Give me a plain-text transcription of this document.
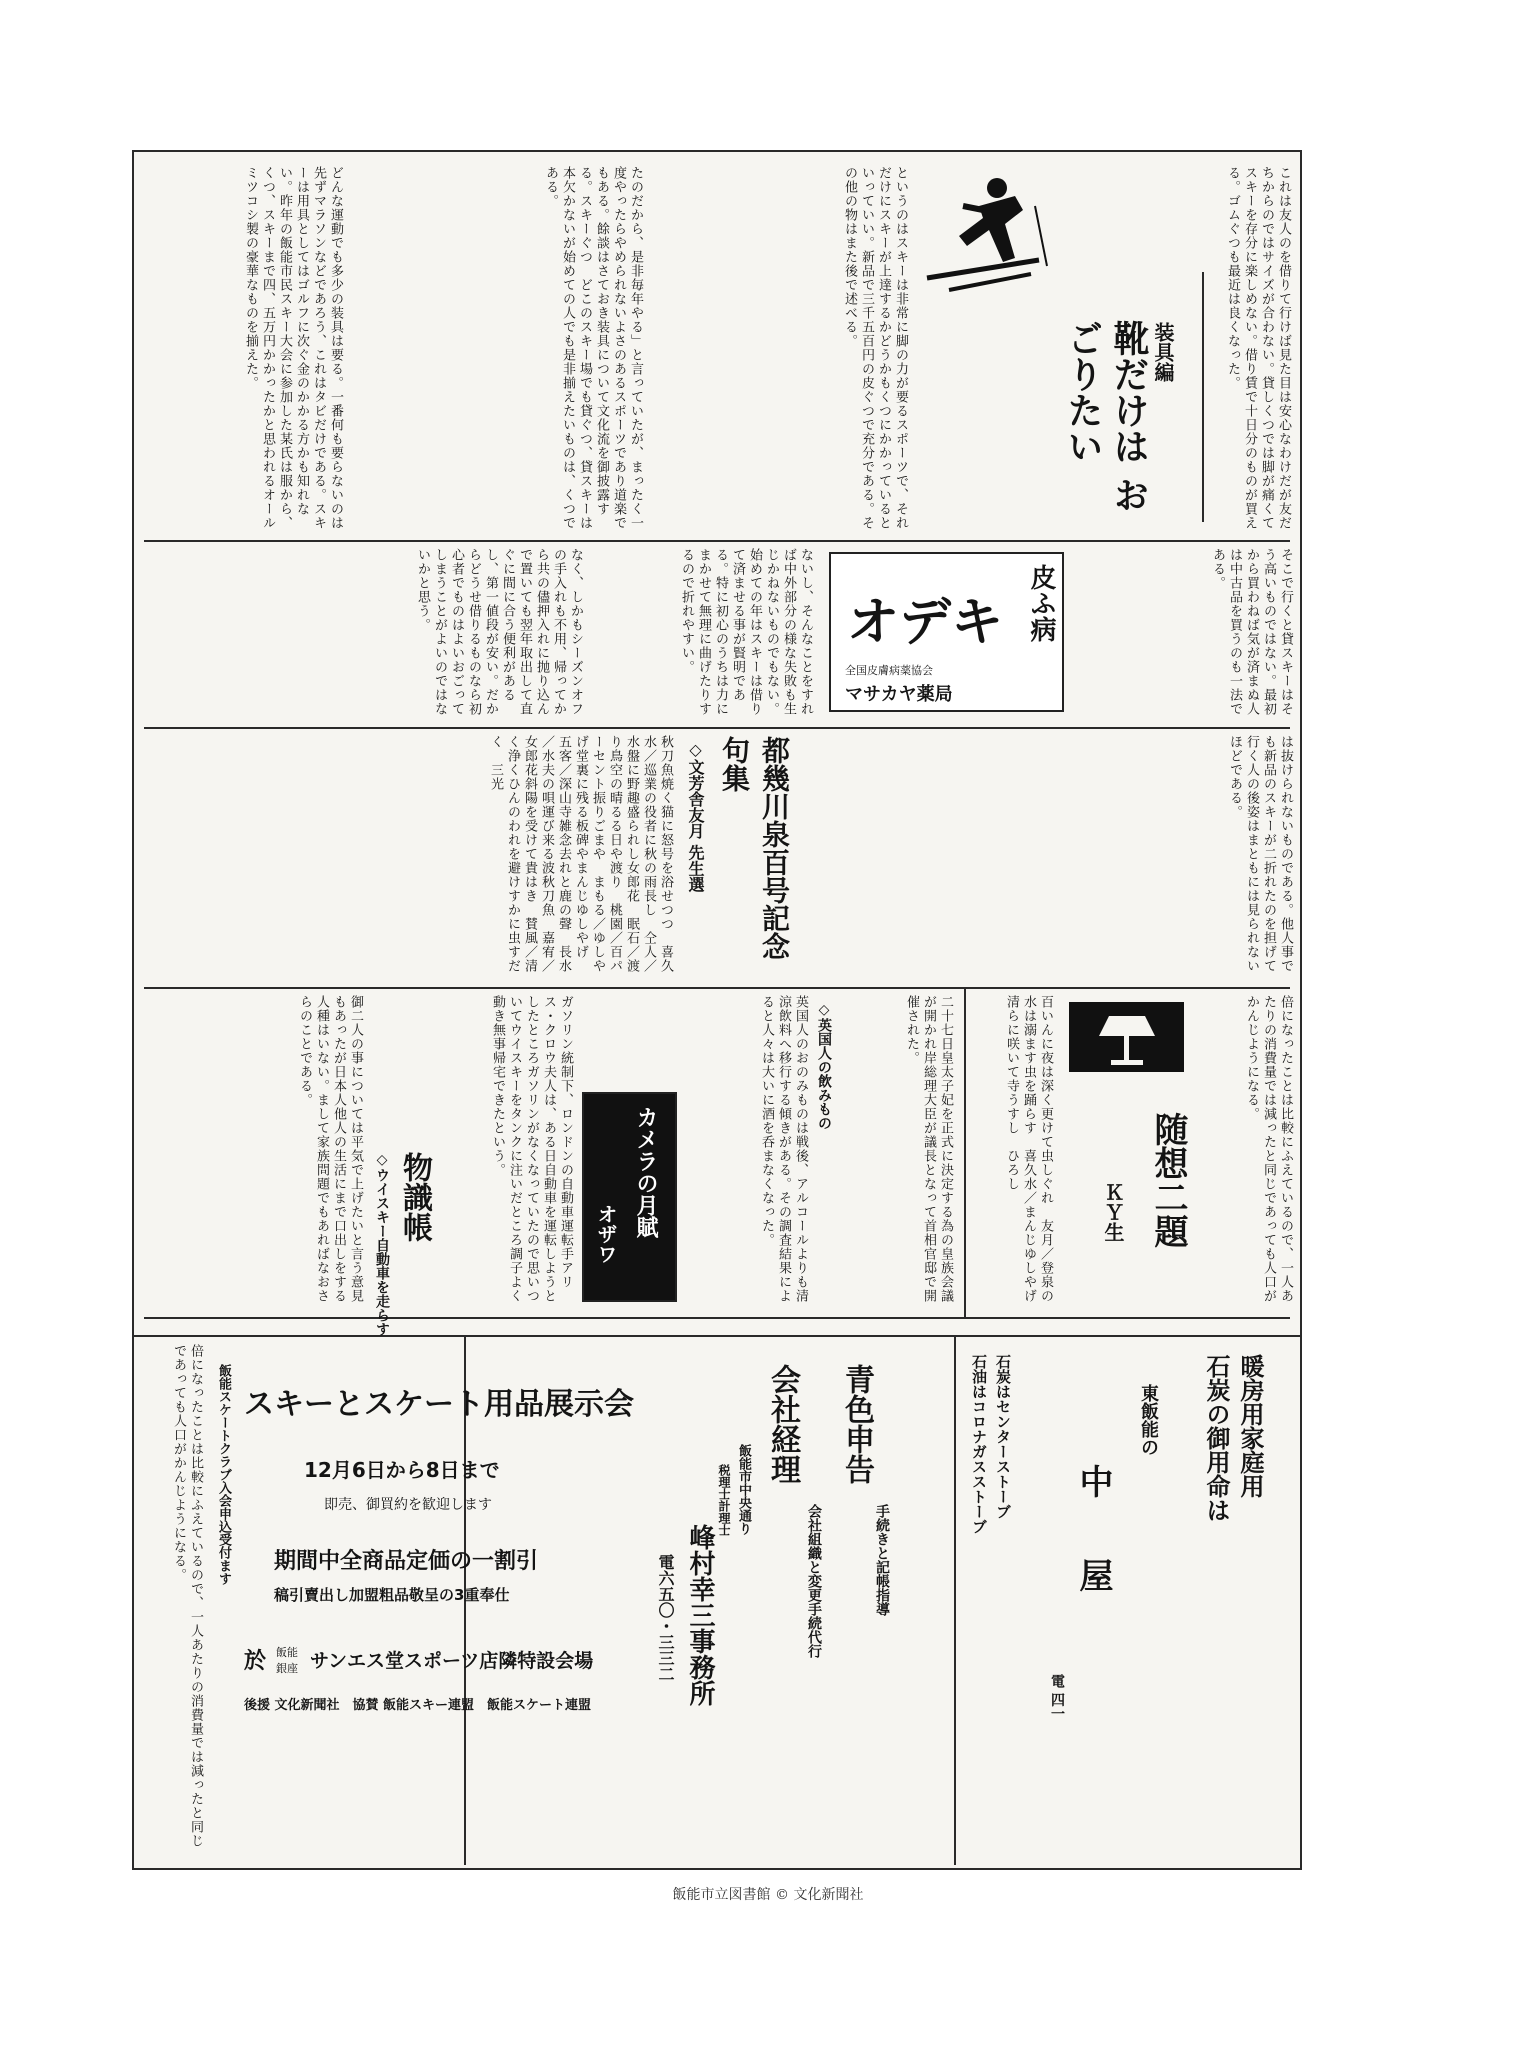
どんな運動でも多少の装具は要る。一番何も要らないのは先ずマラソンなどであろう、これはタビだけである。スキーは用具としてはゴルフに次ぐ金のかかる方かも知れない。昨年の飯能市民スキー大会に参加した某氏は服から、くつ、スキーまで四、五万円かかったかと思われるオールミツコシ製の豪華なものを揃えた。	たのだから、是非毎年やる」と言っていたが、まったく一度やったらやめられないよさのあるスポーツであり道楽でもある。餘談はさておき装具について文化流を御披露する。スキーぐつ　どこのスキー場でも貸ぐつ、貸スキーは本欠かないが始めての人でも是非揃えたいものは、くつである。	というのはスキーは非常に脚の力が要るスポーツで、それだけにスキーが上達するかどうかもくつにかかっているといっていい。新品で三千五百円の皮ぐつで充分である。その他の物はまた後で述べる。
装具編
靴だけは おごりたい	これは友人のを借りて行けば見た目は安心なわけだが友だちからのではサイズが合わない。貸しくつでは脚が痛くてスキーを存分に楽しめない。借り賃で十日分のものが買える。ゴムぐつも最近は良くなった。
なく、しかもシーズンオフの手入れも不用、帰ってから共の儘押入れに抛り込んで置いても翌年取出して直ぐに間に合う便利があるし、第一値段が安い。だからどうせ借りるものなら初心者でものはよいおごってしまうことがよいのではないかと思う。	オデキ 皮ふ病
全国皮膚病薬協会
マサカヤ薬局
ないし、そんなことをすれば中外部分の様な失敗も生じかねないものでもない。始めての年はスキーは借りて済ませる事が賢明である。特に初心のうちは力にまかせて無理に曲げたりするので折れやすい。	そこで行くと貸スキーはそう高いものではない。最初から買わねば気が済まぬ人は中古品を買うのも一法である。
秋刀魚焼く猫に怒号を浴せつつ　喜久水／巡業の役者に秋の雨長し　仝人／水盤に野趣盛られし女郎花　眠石／渡り鳥空の晴るる日や渡り　桃園／百パーセント振りごまや　まもる／ゆしやげ堂裏に残る板碑やまんじゆしやげ　五客／深山寺雑念去れと鹿の聲　長水／水夫の唄運び来る波秋刀魚　嘉宥／女郎花斜陽を受けて貴はき　賛風／清く浄くひんのわれを避けすかに虫すだく　三光	◇文芳舎友月 先生選	都幾川泉百号記念句集	は抜けられないものである。他人事でも新品のスキーが二折れたのを担げて行く人の後姿はまともには見られないほどである。
御二人の事については平気で上げたいと言う意見もあったが日本人他人の生活にまで口出しをする人種はいない。まして家族問題でもあればなおさらのことである。
物識帳
◇ウイスキー自動車を走らす	ガソリン統制下、ロンドンの自動車運転手アリス・クロウ夫人は、ある日自動車を運転しようとしたところガソリンがなくなっていたので思いついてウイスキーをタンクに注いだところ調子よく動き無事帰宅できたという。	カメラの月賦
オザワ	英国人のおのみものは戦後、アルコールよりも清涼飲料へ移行する傾きがある。その調査結果によると人々は大いに酒を呑まなくなった。	◇英国人の飲みもの	二十七日皇太子妃を正式に決定する為の皇族会議が開かれ岸総理大臣が議長となって首相官邸で開催された。
随想二題
ＫＹ生
百いんに夜は深く更けて虫しぐれ　友月／登泉の水は溺ます虫を踊らす　喜久水／まんじゆしやげ清らに咲いて寺うすし　ひろし	倍になったことは比較にふえているので、一人あたりの消費量では減ったと同じであっても人口がかんじようになる。
倍になったことは比較にふえているので、一人あたりの消費量では減ったと同じであっても人口がかんじようになる。	飯能スケートクラブ入会申込受付ます スキーとスケート用品展示会
12月6日から8日まで
即売、御買約を歓迎します
期間中全商品定価の一割引
稿引賣出し加盟粗品敬呈の3重奉仕
於 飯能銀座 サンエス堂スポーツ店隣特設会場
後援 文化新聞社　協賛 飯能スキー連盟　飯能スケート連盟
電六五〇・三三二 峰村幸三事務所
税理士計理士 飯能市中央通り
会社経理
会社組織と変更手続代行
青色申告
手続きと記帳指導
石油はコロナガスストーブ 石炭はセンターストーブ
電 四一
中屋
東飯能の 石炭の御用命は 暖房用家庭用
飯能市立図書館 © 文化新聞社
